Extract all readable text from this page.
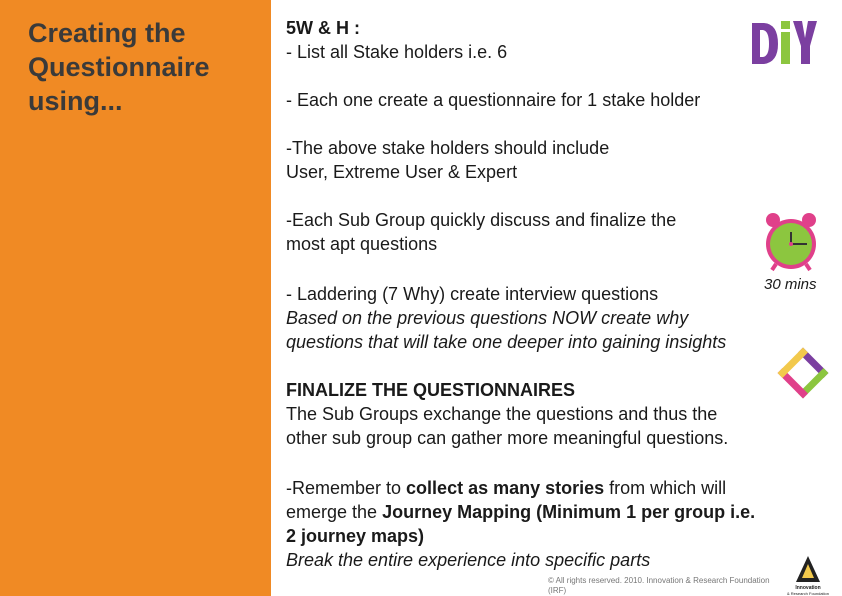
Creating the
Questionnaire
using...
5W & H :
- List all Stake holders i.e. 6
- Each one create a questionnaire for 1 stake holder
-The above stake holders should include
User, Extreme User & Expert
-Each Sub Group quickly discuss and finalize the
most apt questions
30 mins
- Laddering (7 Why) create interview questions
Based on the previous questions NOW create why
questions that will take one deeper into gaining insights
FINALIZE THE QUESTIONNAIRES
The Sub Groups exchange the questions and thus the
other sub group can gather more meaningful questions.
-Remember to collect as many stories from which will
emerge the Journey Mapping (Minimum 1 per group i.e.
2 journey maps)
Break the entire experience into specific parts
© All rights reserved. 2010. Innovation & Research Foundation
(IRF)	Innovation
& Research Foundation
